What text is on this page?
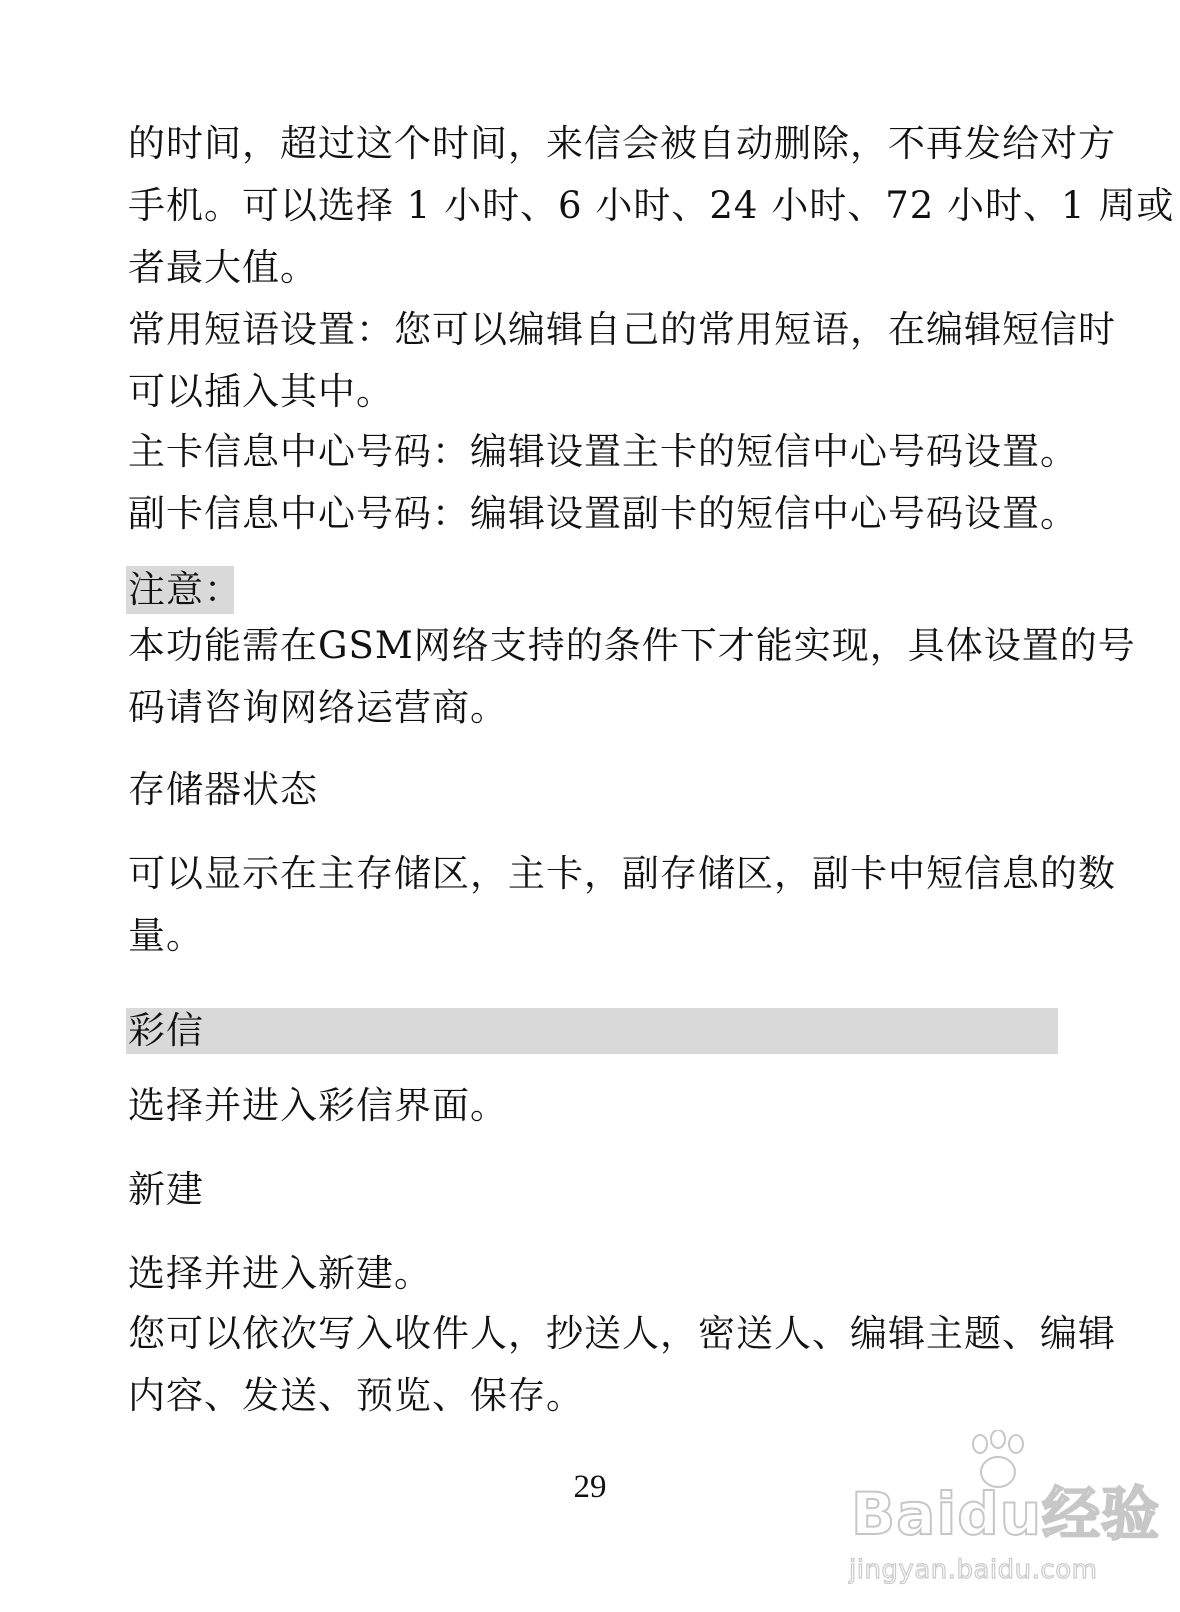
的时间，超过这个时间，来信会被自动删除，不再发给对方
手机。可以选择 1 小时、6 小时、24 小时、72 小时、1 周或
者最大值。
常用短语设置：您可以编辑自己的常用短语，在编辑短信时
可以插入其中。
主卡信息中心号码：编辑设置主卡的短信中心号码设置。
副卡信息中心号码：编辑设置副卡的短信中心号码设置。
注意：
本功能需在GSM网络支持的条件下才能实现，具体设置的号
码请咨询网络运营商。
存储器状态
可以显示在主存储区，主卡，副存储区，副卡中短信息的数
量。
彩信
选择并进入彩信界面。
新建
选择并进入新建。
您可以依次写入收件人，抄送人，密送人、编辑主题、编辑
内容、发送、预览、保存。
29	Baidu经验
jingyan.baidu.com
